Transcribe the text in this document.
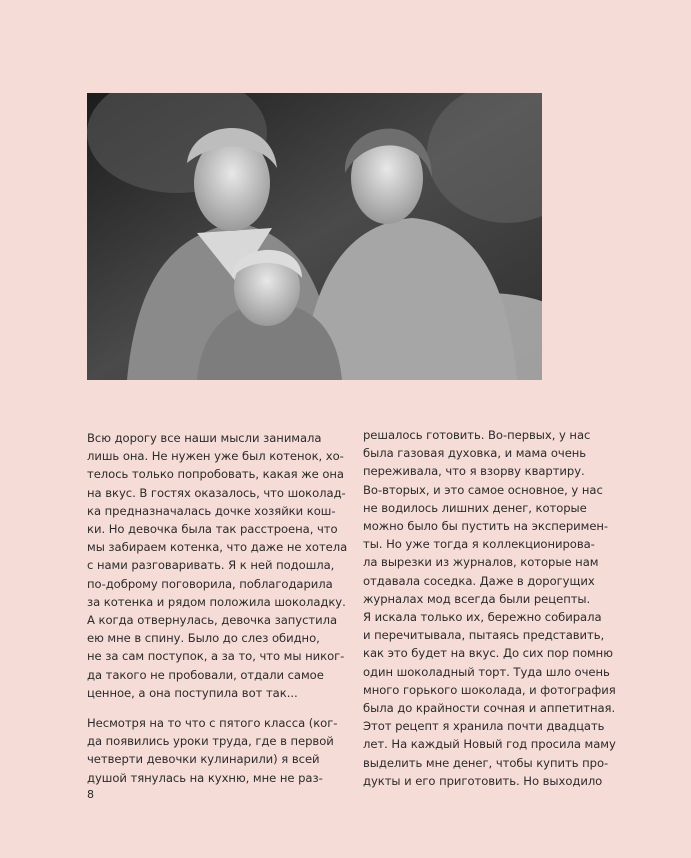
Всю дорогу все наши мысли занимала
лишь она. Не нужен уже был котенок, хо-
телось только попробовать, какая же она
на вкус. В гостях оказалось, что шоколад-
ка предназначалась дочке хозяйки кош-
ки. Но девочка была так расстроена, что
мы забираем котенка, что даже не хотела
с нами разговаривать. Я к ней подошла,
по-доброму поговорила, поблагодарила
за котенка и рядом положила шоколадку.
А когда отвернулась, девочка запустила
ею мне в спину. Было до слез обидно,
не за сам поступок, а за то, что мы никог-
да такого не пробовали, отдали самое
ценное, а она поступила вот так...

Несмотря на то что с пятого класса (ког-
да появились уроки труда, где в первой
четверти девочки кулинарили) я всей
душой тянулась на кухню, мне не раз-

решалось готовить. Во-первых, у нас
была газовая духовка, и мама очень
переживала, что я взорву квартиру.
Во-вторых, и это самое основное, у нас
не водилось лишних денег, которые
можно было бы пустить на эксперимен-
ты. Но уже тогда я коллекционирова-
ла вырезки из журналов, которые нам
отдавала соседка. Даже в дорогущих
журналах мод всегда были рецепты.
Я искала только их, бережно собирала
и перечитывала, пытаясь представить,
как это будет на вкус. До сих пор помню
один шоколадный торт. Туда шло очень
много горького шоколада, и фотография
была до крайности сочная и аппетитная.
Этот рецепт я хранила почти двадцать
лет. На каждый Новый год просила маму
выделить мне денег, чтобы купить про-
дукты и его приготовить. Но выходило

8
